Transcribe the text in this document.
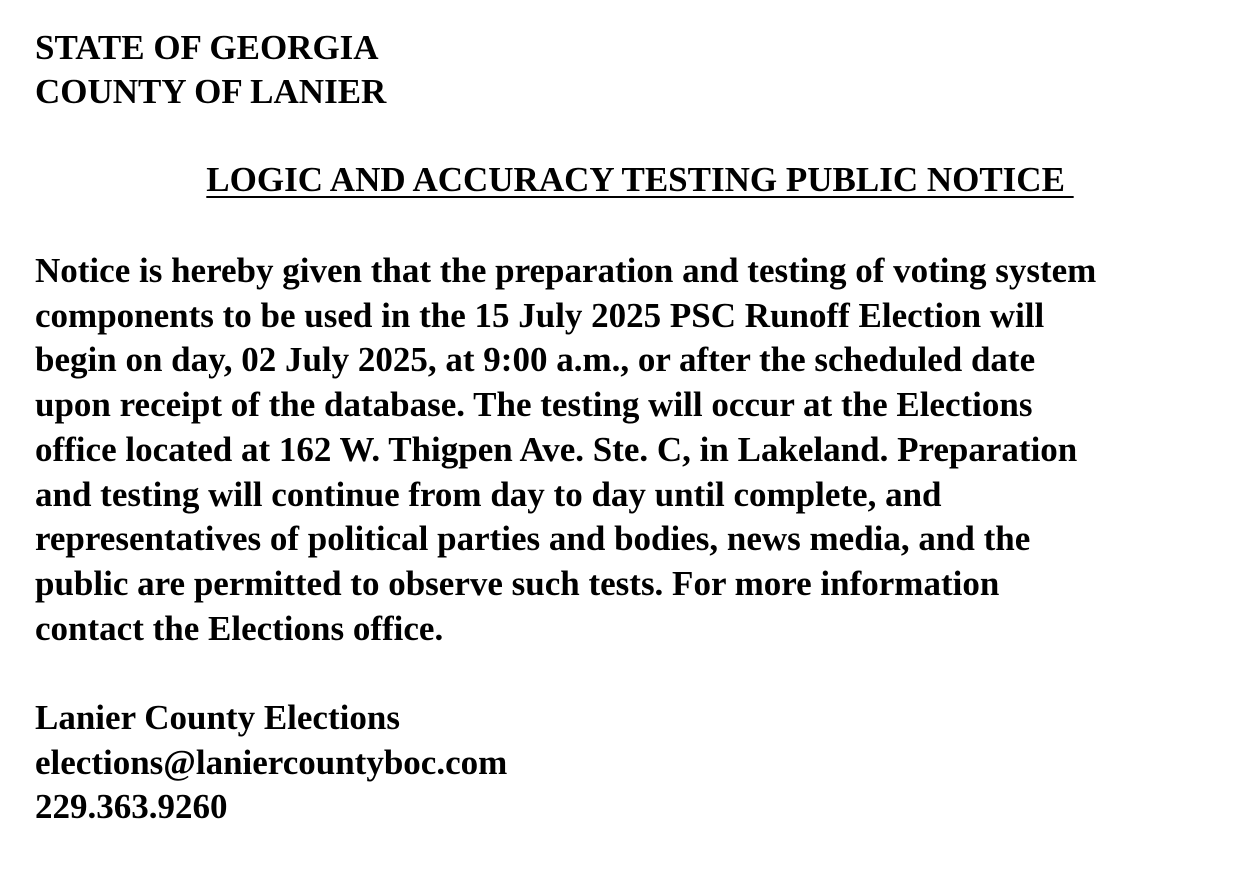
STATE OF GEORGIA
COUNTY OF LANIER
LOGIC AND ACCURACY TESTING PUBLIC NOTICE
Notice is hereby given that the preparation and testing of voting system
components to be used in the 15 July 2025 PSC Runoff Election will
begin on day, 02 July 2025, at 9:00 a.m., or after the scheduled date
upon receipt of the database. The testing will occur at the Elections
office located at 162 W. Thigpen Ave. Ste. C, in Lakeland. Preparation
and testing will continue from day to day until complete, and
representatives of political parties and bodies, news media, and the
public are permitted to observe such tests. For more information
contact the Elections office.
Lanier County Elections
elections@laniercountyboc.com
229.363.9260
